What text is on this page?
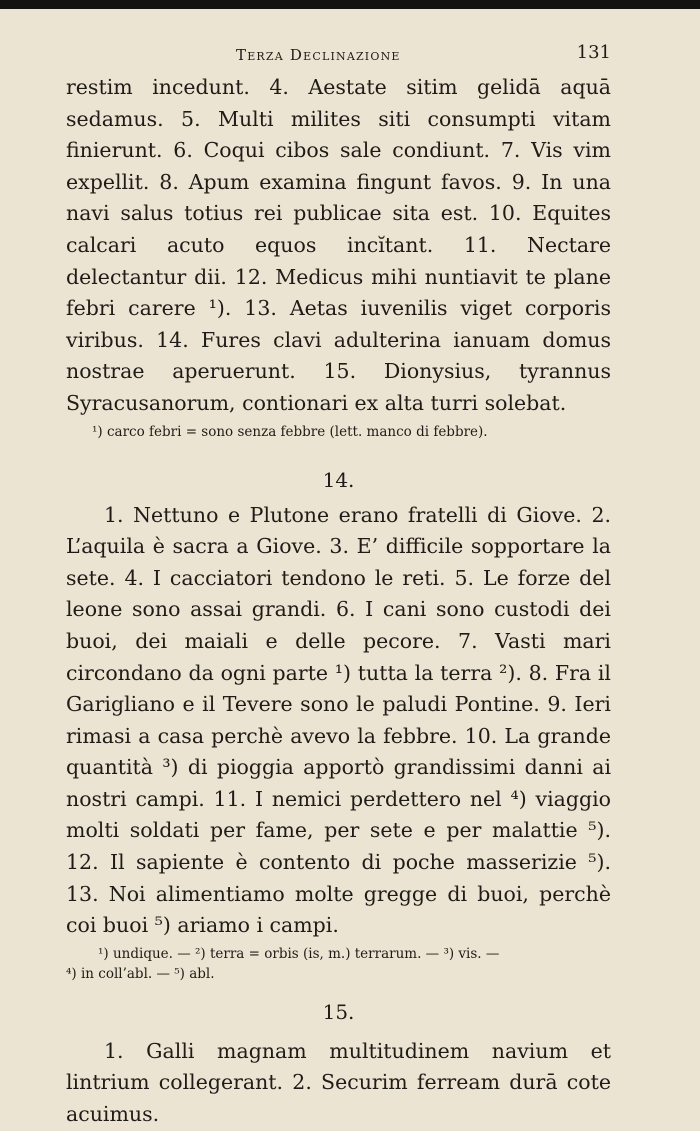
Terza Declinazione	131

restim incedunt. 4. Aestate sitim gelidā aquā sedamus. 5. Multi milites siti consumpti vitam finierunt. 6. Coqui cibos sale condiunt. 7. Vis vim expellit. 8. Apum examina fingunt favos. 9. In una navi salus totius rei publicae sita est. 10. Equites calcari acuto equos incĭtant. 11. Nectare delectantur dii. 12. Medicus mihi nuntiavit te plane febri carere ¹). 13. Aetas iuvenilis viget corporis viribus. 14. Fures clavi adulterina ianuam domus nostrae aperuerunt. 15. Dionysius, tyrannus Syracusanorum, contionari ex alta turri solebat.

¹) carco febri = sono senza febbre (lett. manco di febbre).

14.

1. Nettuno e Plutone erano fratelli di Giove. 2. L’aquila è sacra a Giove. 3. E’ difficile sopportare la sete. 4. I cacciatori tendono le reti. 5. Le forze del leone sono assai grandi. 6. I cani sono custodi dei buoi, dei maiali e delle pecore. 7. Vasti mari circondano da ogni parte ¹) tutta la terra ²). 8. Fra il Garigliano e il Tevere sono le paludi Pontine. 9. Ieri rimasi a casa perchè avevo la febbre. 10. La grande quantità ³) di pioggia apportò grandissimi danni ai nostri campi. 11. I nemici perdettero nel ⁴) viaggio molti soldati per fame, per sete e per malattie ⁵). 12. Il sapiente è contento di poche masserizie ⁵). 13. Noi alimentiamo molte gregge di buoi, perchè coi buoi ⁵) ariamo i campi.

¹) undique. — ²) terra = orbis (is, m.) terrarum. — ³) vis. —

⁴) in coll’abl. — ⁵) abl.

15.

1. Galli magnam multitudinem navium et lintrium collegerant. 2. Securim ferream durā cote acuimus.
